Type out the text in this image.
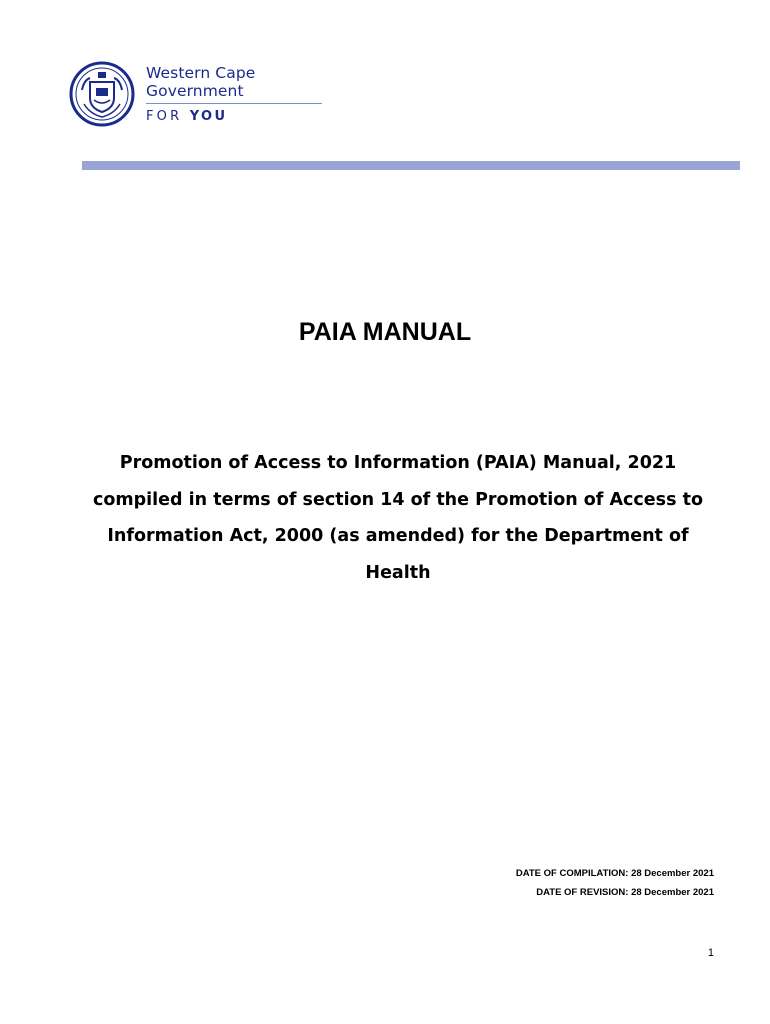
Western Cape
Government
FOR YOU
PAIA MANUAL
Promotion of Access to Information (PAIA) Manual, 2021
compiled in terms of section 14 of the Promotion of Access to
Information Act, 2000 (as amended) for the Department of
Health
DATE OF COMPILATION: 28 December 2021
DATE OF REVISION: 28 December 2021
1
